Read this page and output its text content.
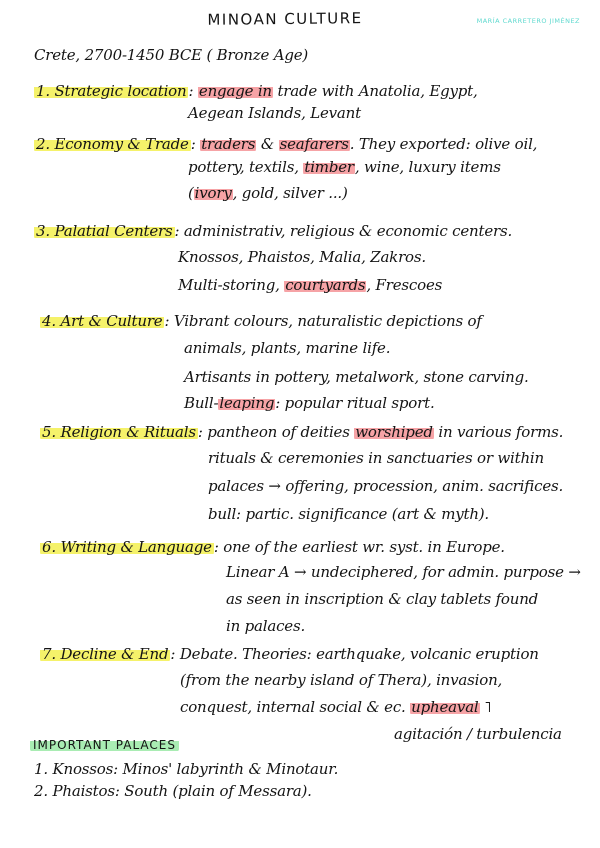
MINOAN CULTURE	MARÍA CARRETERO JIMÉNEZ
Crete, 2700-1450 BCE ( Bronze Age)
1. Strategic location : engage in trade with Anatolia, Egypt,
Aegean Islands, Levant
2. Economy & Trade : traders & seafarers. They exported: olive oil,
pottery, textils, timber, wine, luxury items
(ivory, gold, silver ...)
3. Palatial Centers : administrativ, religious & economic centers.
Knossos, Phaistos, Malia, Zakros.
Multi-storing, courtyards, Frescoes
4. Art & Culture : Vibrant colours, naturalistic depictions of
animals, plants, marine life.
Artisants in pottery, metalwork, stone carving.
Bull-leaping: popular ritual sport.
5. Religion & Rituals : pantheon of deities worshiped in various forms.
rituals & ceremonies in sanctuaries or within
palaces → offering, procession, anim. sacrifices.
bull: partic. significance (art & myth).
6. Writing & Language : one of the earliest wr. syst. in Europe.
Linear A → undeciphered, for admin. purpose →
as seen in inscription & clay tablets found
in palaces.
7. Decline & End : Debate. Theories: earthquake, volcanic eruption
(from the nearby island of Thera), invasion,
conquest, internal social & ec. upheaval ˥
agitación / turbulencia
IMPORTANT PALACES
1. Knossos: Minos' labyrinth & Minotaur.
2. Phaistos: South (plain of Messara).
